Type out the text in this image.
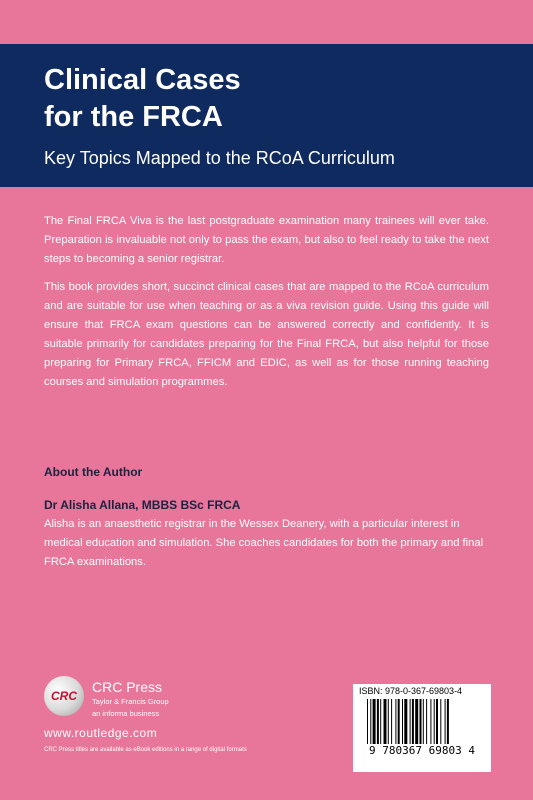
Clinical Cases
for the FRCA
Key Topics Mapped to the RCoA Curriculum

The Final FRCA Viva is the last postgraduate examination many trainees will ever take. Preparation is invaluable not only to pass the exam, but also to feel ready to take the next steps to becoming a senior registrar.

This book provides short, succinct clinical cases that are mapped to the RCoA curriculum and are suitable for use when teaching or as a viva revision guide. Using this guide will ensure that FRCA exam questions can be answered correctly and confidently. It is suitable primarily for candidates preparing for the Final FRCA, but also helpful for those preparing for Primary FRCA, FFICM and EDIC, as well as for those running teaching courses and simulation programmes.

About the Author
Dr Alisha Allana, MBBS BSc FRCA

Alisha is an anaesthetic registrar in the Wessex Deanery, with a particular interest in medical education and simulation. She coaches candidates for both the primary and final FRCA examinations.

CRC
CRC Press
Taylor & Francis Group
an informa business
www.routledge.com
CRC Press titles are available as eBook editions in a range of digital formats
ISBN: 978-0-367-69803-4
9 780367 69803 4
